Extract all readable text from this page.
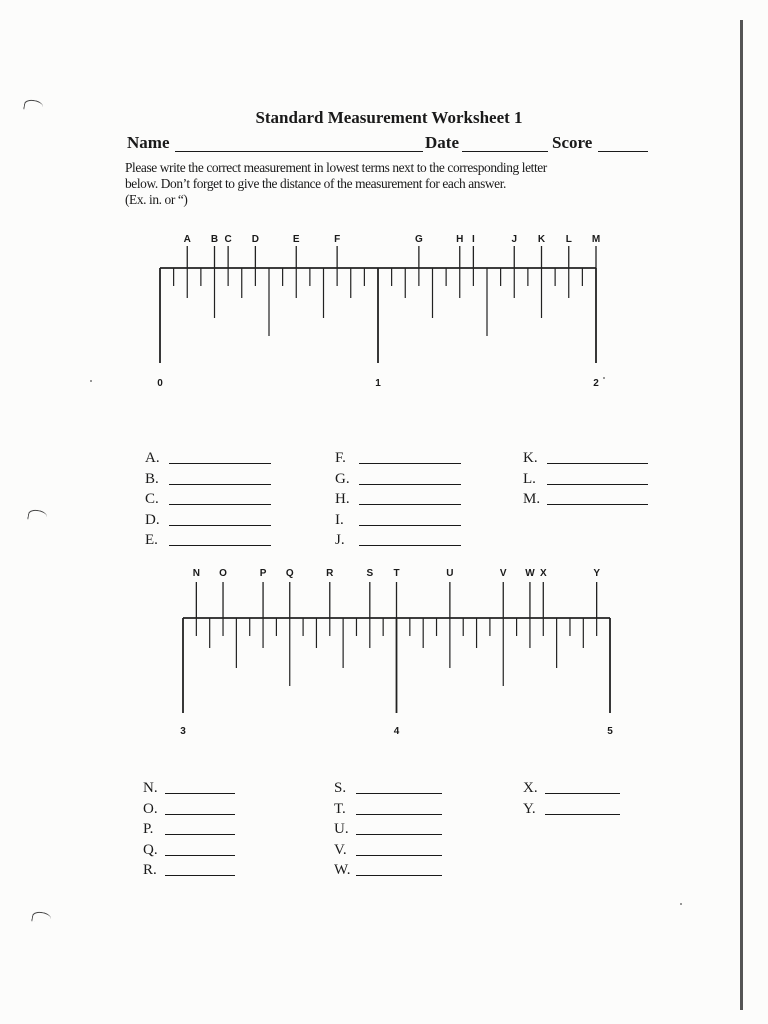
Standard Measurement Worksheet 1
Name	Date	Score
Please write the correct measurement in lowest terms next to the corresponding letter
below. Don’t forget to give the distance of the measurement for each answer.
(Ex. in. or “)
A B C D	E	F	G	H I	J K L M
0	1	2
A.
B.
C.
D.
E.
F.
G.
H.
I.
J.
K.
L.
M.
N O	P Q	R	S T	U	V W X	Y
3	4	5
N.
O.
P.
Q.
R.
S.
T.
U.
V.
W.
X.
Y.
